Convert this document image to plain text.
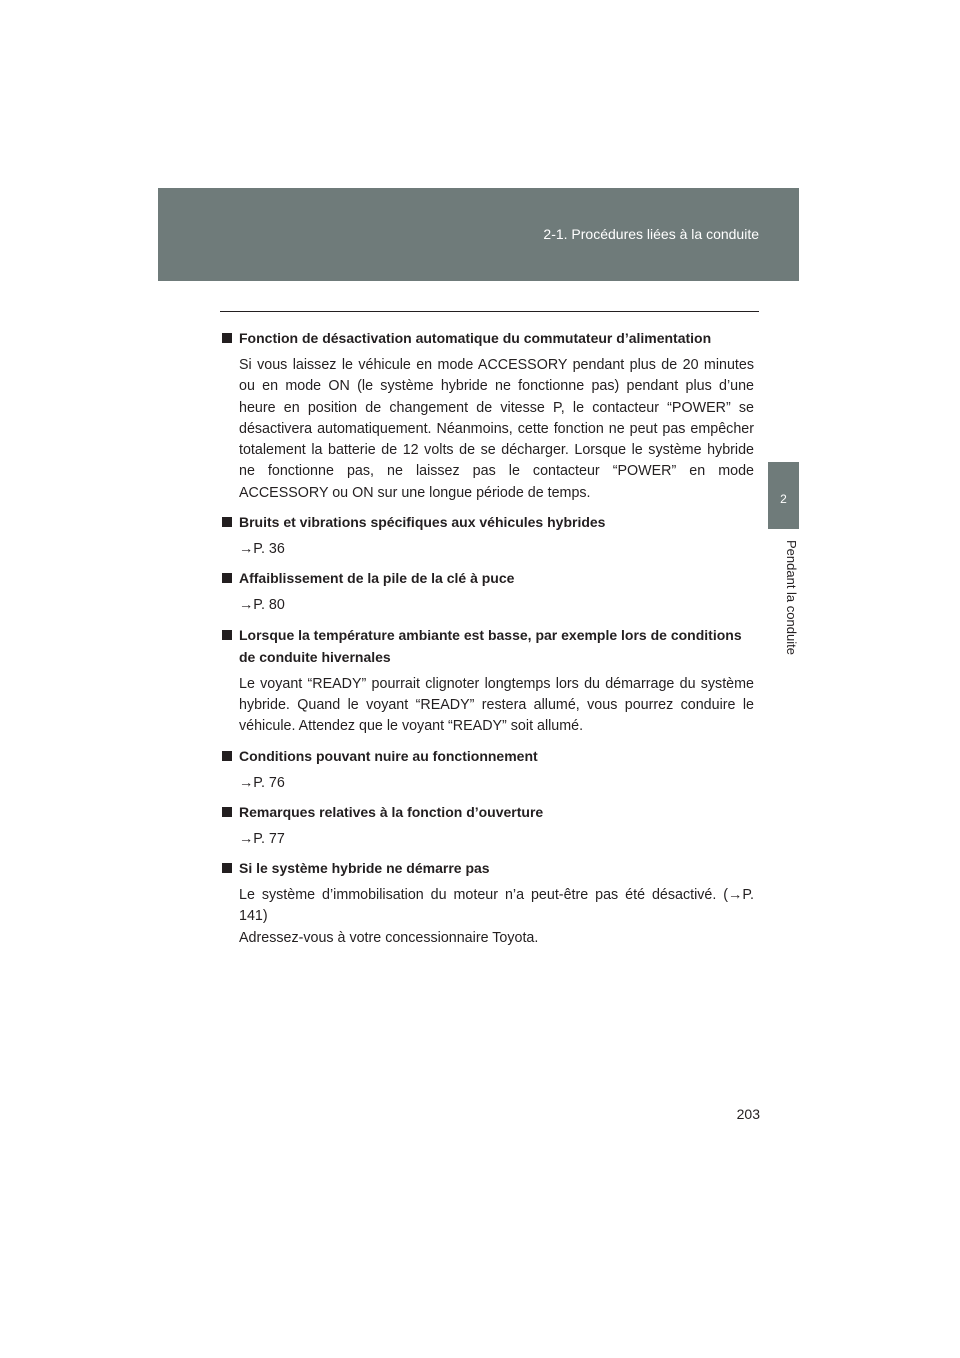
2-1. Procédures liées à la conduite
2
Pendant la conduite
Fonction de désactivation automatique du commutateur d’alimentation
Si vous laissez le véhicule en mode ACCESSORY pendant plus de 20 minutes ou en mode ON (le système hybride ne fonctionne pas) pendant plus d’une heure en position de changement de vitesse P, le contacteur “POWER” se désactivera automatiquement. Néanmoins, cette fonction ne peut pas empêcher totalement la batterie de 12 volts de se décharger. Lorsque le système hybride ne fonctionne pas, ne laissez pas le contacteur “POWER” en mode ACCESSORY ou ON sur une longue période de temps.
Bruits et vibrations spécifiques aux véhicules hybrides
→P. 36
Affaiblissement de la pile de la clé à puce
→P. 80
Lorsque la température ambiante est basse, par exemple lors de conditions de conduite hivernales
Le voyant “READY” pourrait clignoter longtemps lors du démarrage du système hybride. Quand le voyant “READY” restera allumé, vous pourrez conduire le véhicule. Attendez que le voyant “READY” soit allumé.
Conditions pouvant nuire au fonctionnement
→P. 76
Remarques relatives à la fonction d’ouverture
→P. 77
Si le système hybride ne démarre pas
Le système d’immobilisation du moteur n’a peut-être pas été désactivé. (→P. 141)
Adressez-vous à votre concessionnaire Toyota.
203
